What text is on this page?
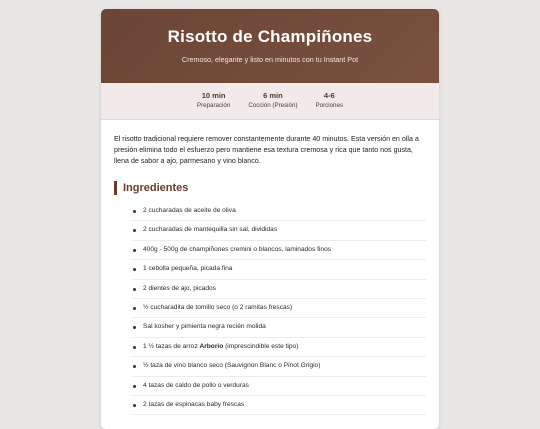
Risotto de Champiñones
Cremoso, elegante y listo en minutos con tu Instant Pot
10 min
Preparación
6 min
Cocción (Presión)
4-6
Porciones

El risotto tradicional requiere remover constantemente durante 40 minutos. Esta versión en olla a presión elimina todo el esfuerzo pero mantiene esa textura cremosa y rica que tanto nos gusta, llena de sabor a ajo, parmesano y vino blanco.

Ingredientes
2 cucharadas de aceite de oliva
2 cucharadas de mantequilla sin sal, divididas
400g - 500g de champiñones cremini o blancos, laminados finos
1 cebolla pequeña, picada fina
2 dientes de ajo, picados
½ cucharadita de tomillo seco (o 2 ramitas frescas)
Sal kosher y pimienta negra recién molida
1 ½ tazas de arroz Arborio (imprescindible este tipo)
½ taza de vino blanco seco (Sauvignon Blanc o Pinot Grigio)
4 tazas de caldo de pollo o verduras
2 tazas de espinacas baby frescas
